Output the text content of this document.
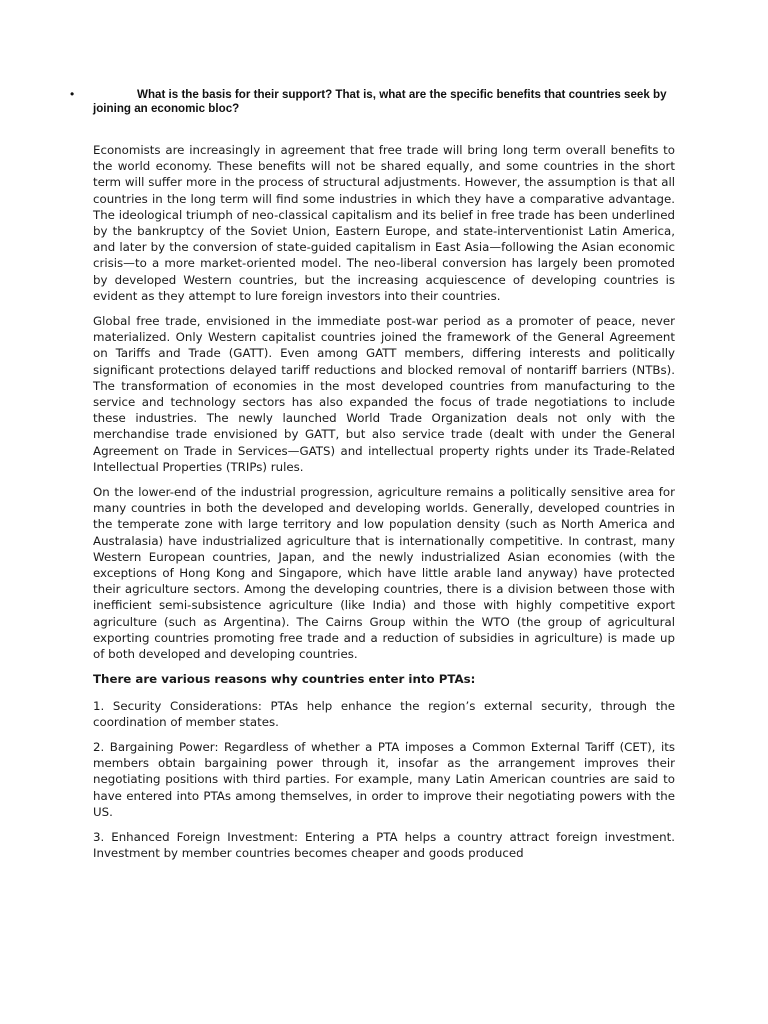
•	What is the basis for their support? That is, what are the specific benefits that countries seek by joining an economic bloc?

Economists are increasingly in agreement that free trade will bring long term overall benefits to the world economy. These benefits will not be shared equally, and some countries in the short term will suffer more in the process of structural adjustments. However, the assumption is that all countries in the long term will find some industries in which they have a comparative advantage. The ideological triumph of neo-classical capitalism and its belief in free trade has been underlined by the bankruptcy of the Soviet Union, Eastern Europe, and state-interventionist Latin America, and later by the conversion of state-guided capitalism in East Asia—following the Asian economic crisis—to a more market-oriented model. The neo-liberal conversion has largely been promoted by developed Western countries, but the increasing acquiescence of developing countries is evident as they attempt to lure foreign investors into their countries.

Global free trade, envisioned in the immediate post-war period as a promoter of peace, never materialized. Only Western capitalist countries joined the framework of the General Agreement on Tariffs and Trade (GATT). Even among GATT members, differing interests and politically significant protections delayed tariff reductions and blocked removal of nontariff barriers (NTBs). The transformation of economies in the most developed countries from manufacturing to the service and technology sectors has also expanded the focus of trade negotiations to include these industries. The newly launched World Trade Organization deals not only with the merchandise trade envisioned by GATT, but also service trade (dealt with under the General Agreement on Trade in Services—GATS) and intellectual property rights under its Trade-Related Intellectual Properties (TRIPs) rules.

On the lower-end of the industrial progression, agriculture remains a politically sensitive area for many countries in both the developed and developing worlds. Generally, developed countries in the temperate zone with large territory and low population density (such as North America and Australasia) have industrialized agriculture that is internationally competitive. In contrast, many Western European countries, Japan, and the newly industrialized Asian economies (with the exceptions of Hong Kong and Singapore, which have little arable land anyway) have protected their agriculture sectors. Among the developing countries, there is a division between those with inefficient semi-subsistence agriculture (like India) and those with highly competitive export agriculture (such as Argentina). The Cairns Group within the WTO (the group of agricultural exporting countries promoting free trade and a reduction of subsidies in agriculture) is made up of both developed and developing countries.

There are various reasons why countries enter into PTAs:

1. Security Considerations: PTAs help enhance the region’s external security, through the coordination of member states.

2. Bargaining Power: Regardless of whether a PTA imposes a Common External Tariff (CET), its members obtain bargaining power through it, insofar as the arrangement improves their negotiating positions with third parties. For example, many Latin American countries are said to have entered into PTAs among themselves, in order to improve their negotiating powers with the US.

3. Enhanced Foreign Investment: Entering a PTA helps a country attract foreign investment. Investment by member countries becomes cheaper and goods produced
